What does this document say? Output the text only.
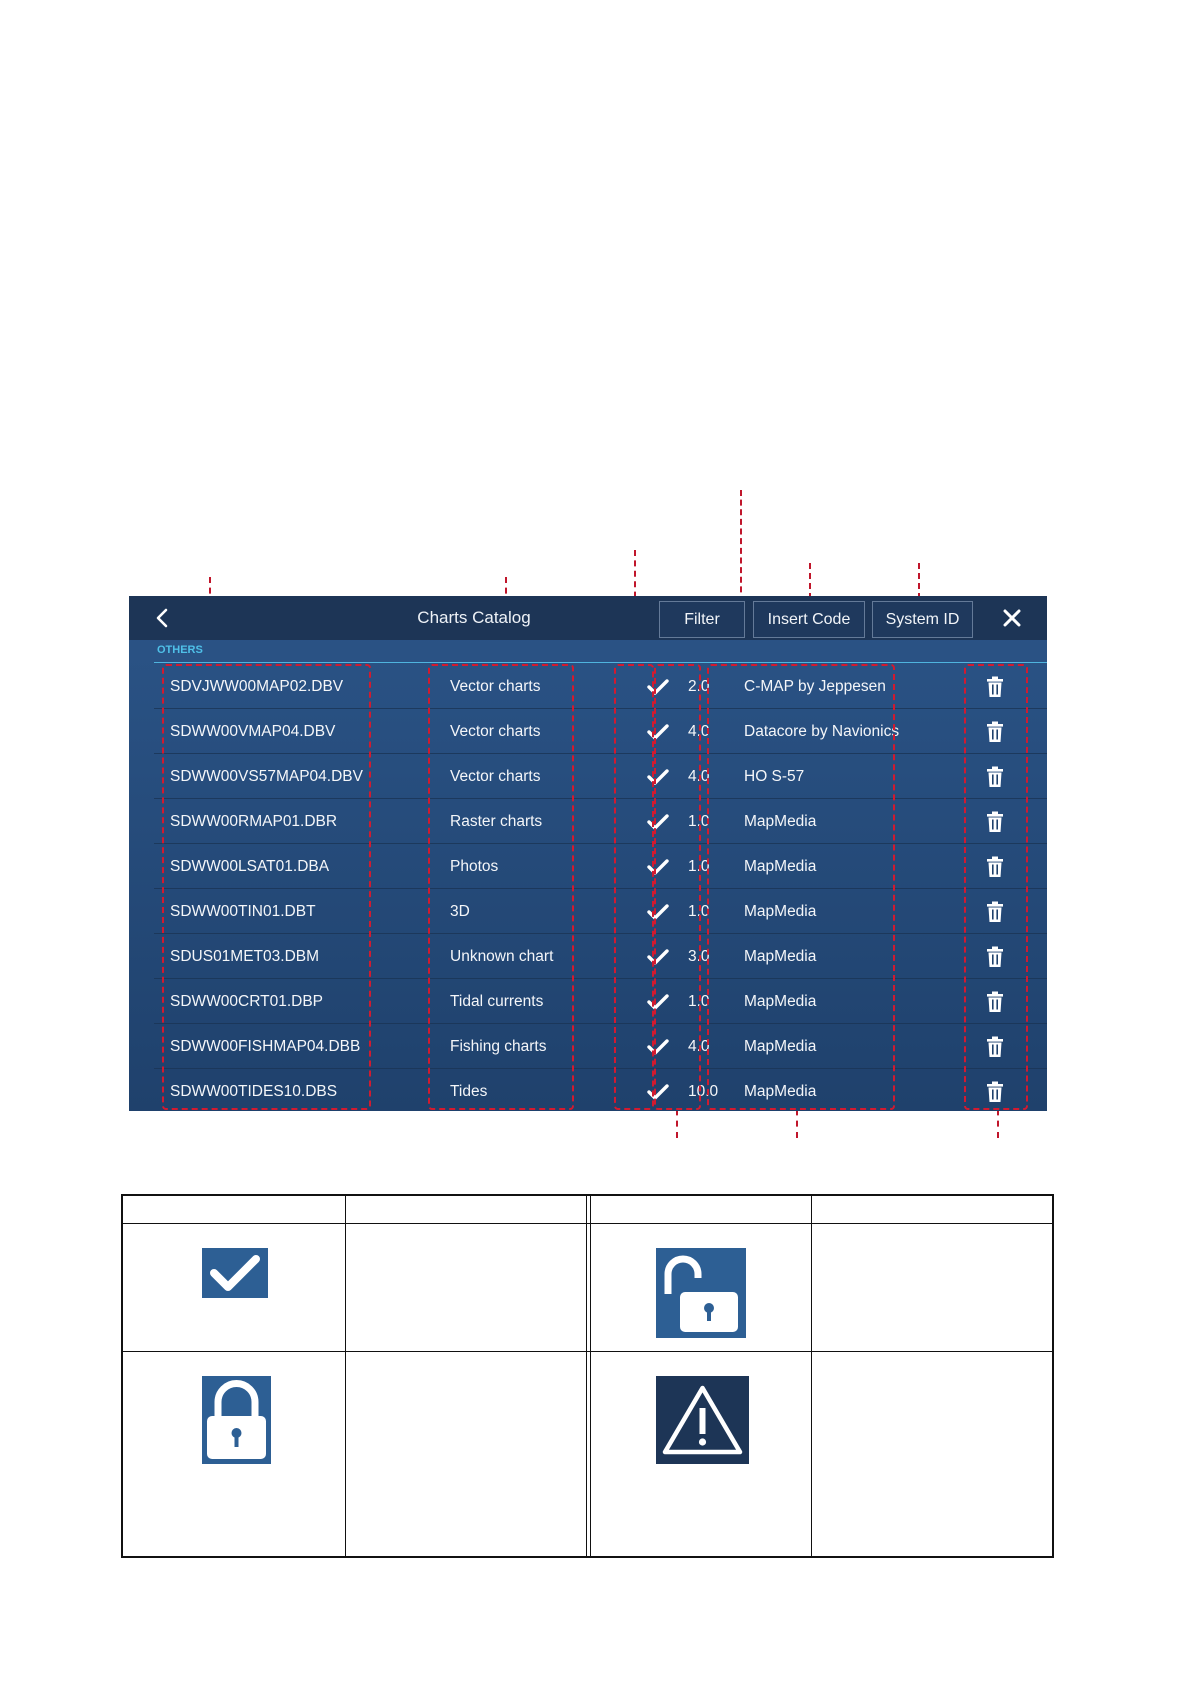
Charts Catalog	Filter	Insert Code	System ID
OTHERS
SDVJWW00MAP02.DBV	Vector charts	2.0 C-MAP by Jeppesen
SDWW00VMAP04.DBV	Vector charts	4.0 Datacore by Navionics
SDWW00VS57MAP04.DBV	Vector charts	4.0 HO S-57
SDWW00RMAP01.DBR	Raster charts	1.0 MapMedia
SDWW00LSAT01.DBA	Photos	1.0 MapMedia
SDWW00TIN01.DBT	3D	1.0 MapMedia
SDUS01MET03.DBM	Unknown chart	3.0 MapMedia
SDWW00CRT01.DBP	Tidal currents	1.0 MapMedia
SDWW00FISHMAP04.DBB	Fishing charts	4.0 MapMedia
SDWW00TIDES10.DBS	Tides	10.0 MapMedia
